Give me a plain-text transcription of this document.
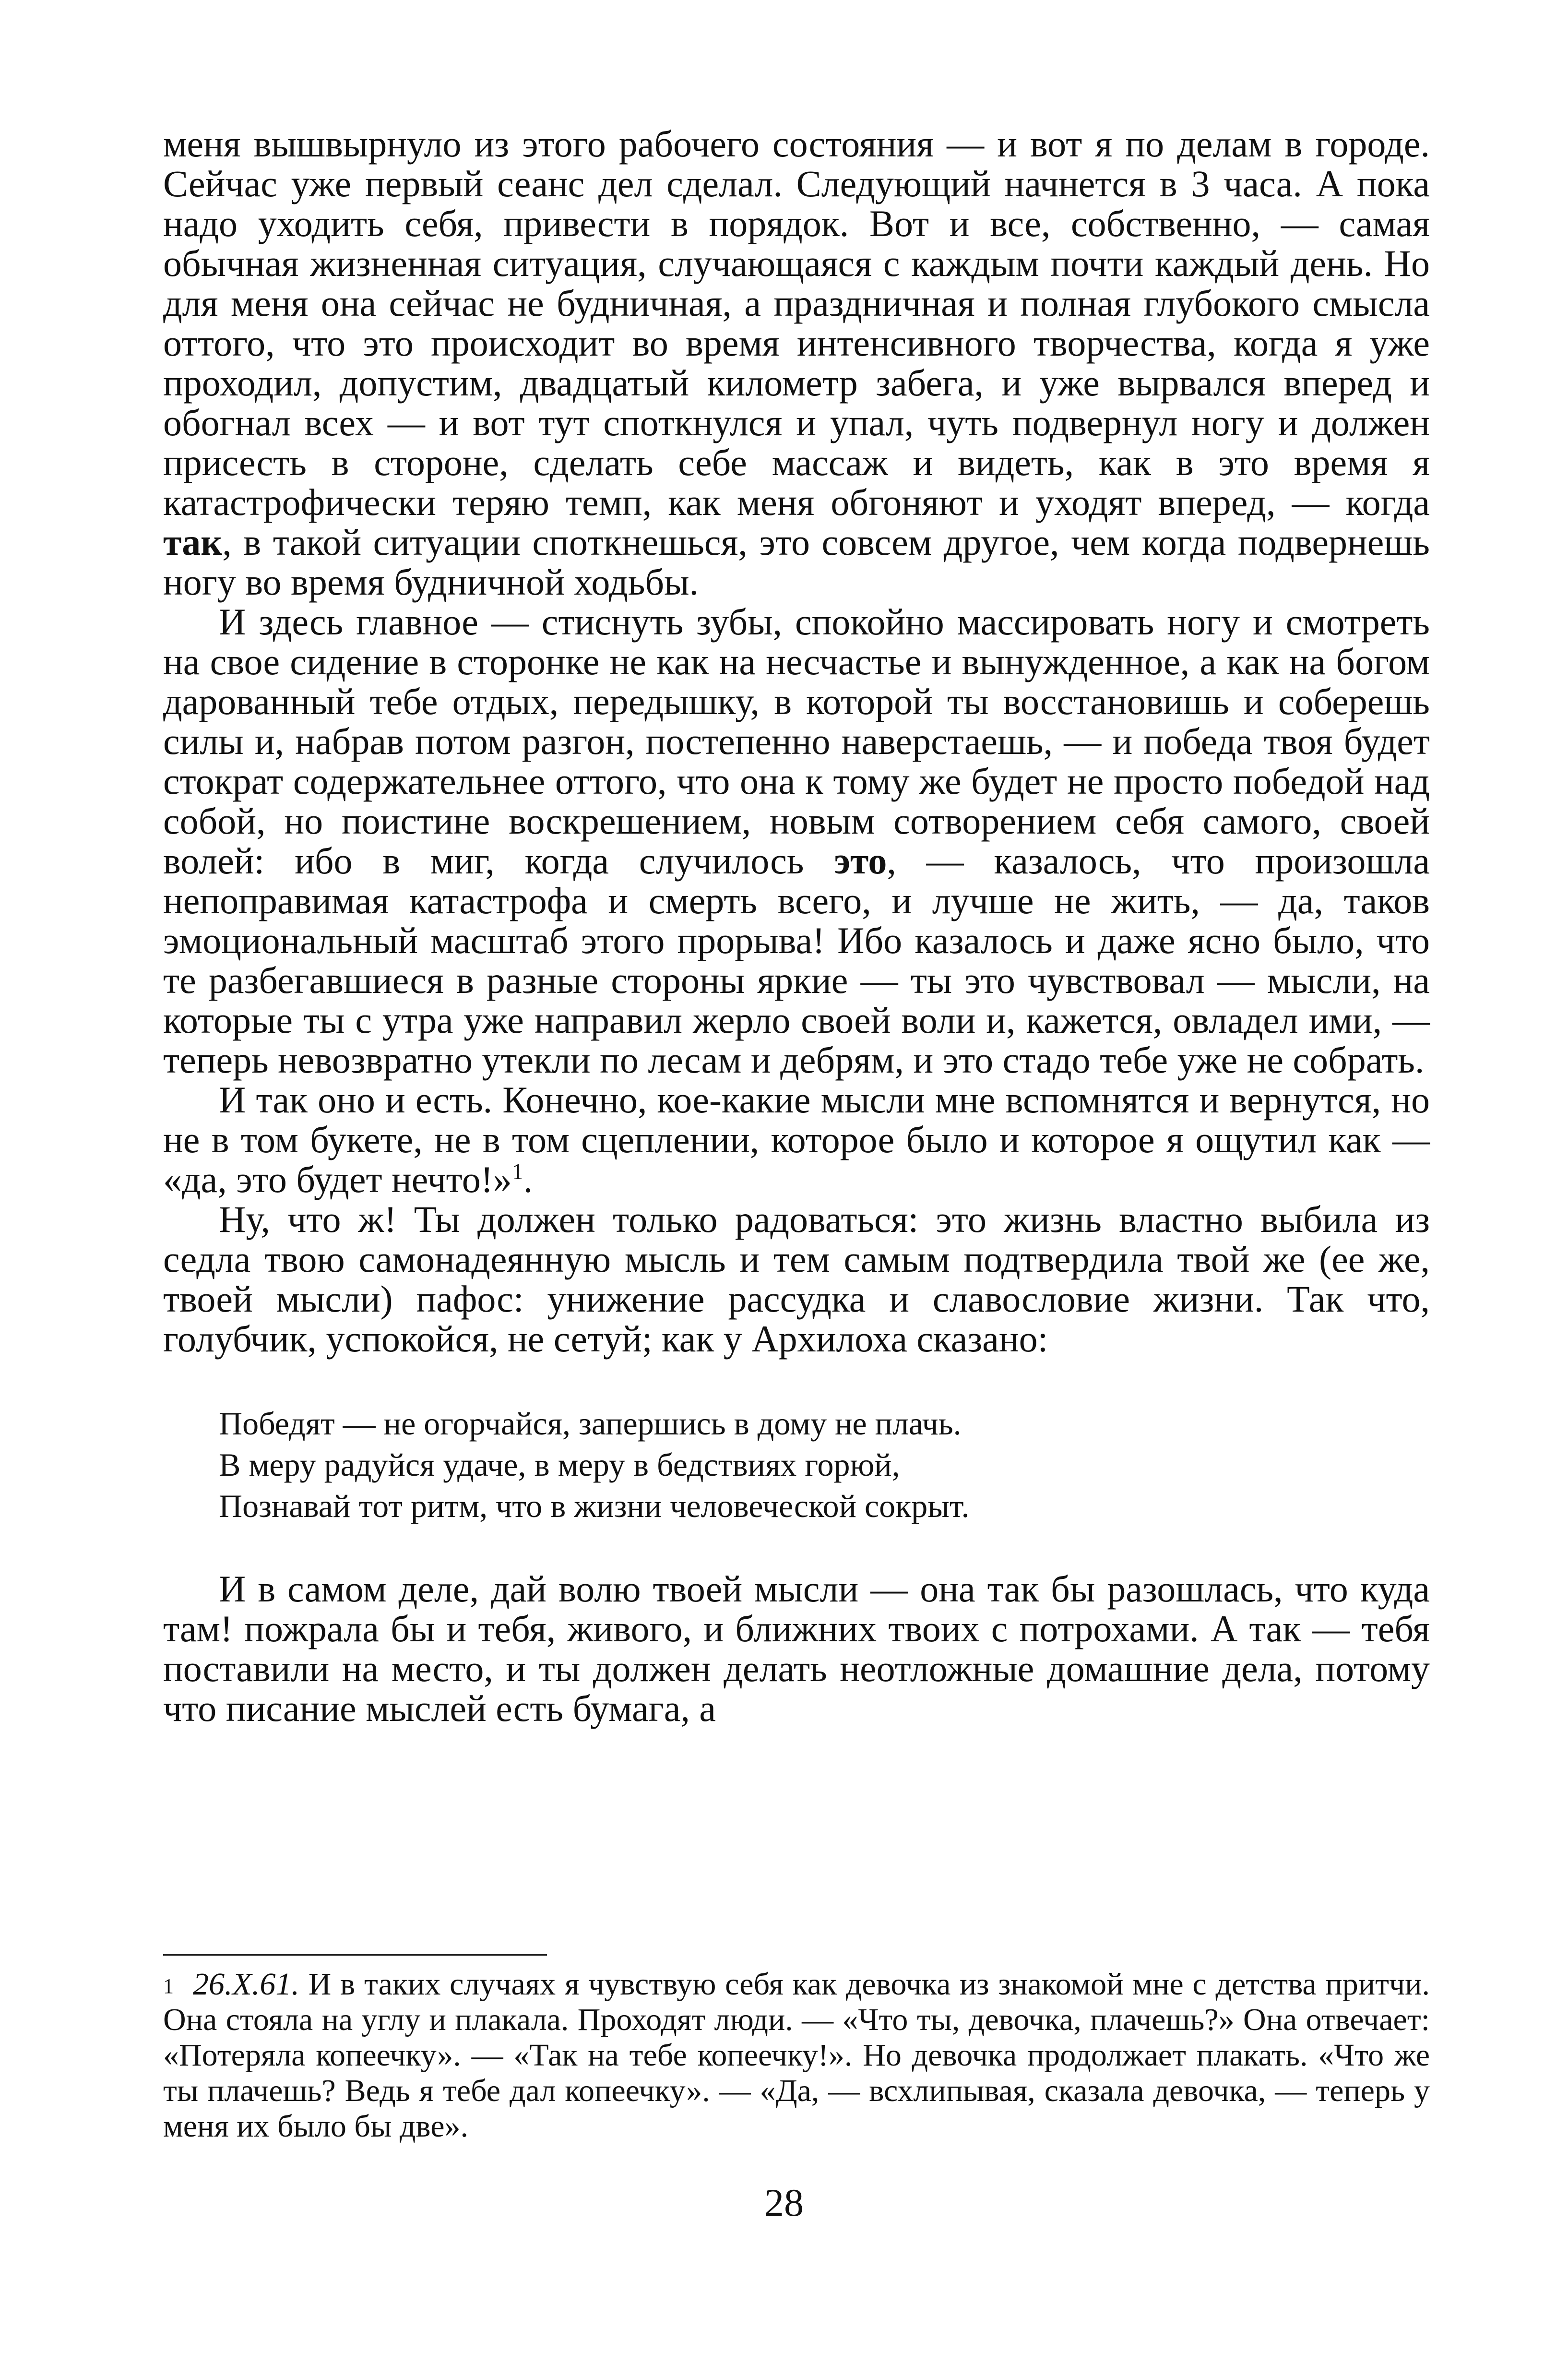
меня вышвырнуло из этого рабочего состояния — и вот я по делам в городе. Сейчас уже первый сеанс дел сделал. Следующий начнется в 3 часа. А пока надо уходить себя, привести в порядок. Вот и все, собственно, — самая обычная жизненная ситуация, случающаяся с каждым почти каждый день. Но для меня она сейчас не будничная, а праздничная и полная глубокого смысла оттого, что это происходит во время интенсивного творчества, когда я уже проходил, допустим, двадцатый километр забега, и уже вырвался вперед и обогнал всех — и вот тут споткнулся и упал, чуть подвернул ногу и должен присесть в стороне, сделать себе массаж и видеть, как в это время я катастрофически теряю темп, как меня обгоняют и уходят вперед, — когда так, в такой ситуации споткнешься, это совсем другое, чем когда подвернешь ногу во время будничной ходьбы.

И здесь главное — стиснуть зубы, спокойно массировать ногу и смотреть на свое сидение в сторонке не как на несчастье и вынужденное, а как на богом дарованный тебе отдых, передышку, в которой ты восстановишь и соберешь силы и, набрав потом разгон, постепенно наверстаешь, — и победа твоя будет стократ содержательнее оттого, что она к тому же будет не просто победой над собой, но поистине воскрешением, новым сотворением себя самого, своей волей: ибо в миг, когда случилось это, — казалось, что произошла непоправимая катастрофа и смерть всего, и лучше не жить, — да, таков эмоциональный масштаб этого прорыва! Ибо казалось и даже ясно было, что те разбегавшиеся в разные стороны яркие — ты это чувствовал — мысли, на которые ты с утра уже направил жерло своей воли и, кажется, овладел ими, — теперь невозвратно утекли по лесам и дебрям, и это стадо тебе уже не собрать.

И так оно и есть. Конечно, кое-какие мысли мне вспомнятся и вернутся, но не в том букете, не в том сцеплении, которое было и которое я ощутил как — «да, это будет нечто!»$^1$.

Ну, что ж! Ты должен только радоваться: это жизнь властно выбила из седла твою самонадеянную мысль и тем самым подтвердила твой же (ее же, твоей мысли) пафос: унижение рассудка и славословие жизни. Так что, голубчик, успокойся, не сетуй; как у Архилоха сказано:

Победят — не огорчайся, запершись в дому не плачь.
В меру радуйся удаче, в меру в бедствиях горюй,
Познавай тот ритм, что в жизни человеческой сокрыт.

И в самом деле, дай волю твоей мысли — она так бы разошлась, что куда там! пожрала бы и тебя, живого, и ближних твоих с потрохами. А так — тебя поставили на место, и ты должен делать неотложные домашние дела, потому что писание мыслей есть бумага, а

$^1$ 26.X.61. И в таких случаях я чувствую себя как девочка из знакомой мне с детства притчи. Она стояла на углу и плакала. Проходят люди. — «Что ты, девочка, плачешь?» Она отвечает: «Потеряла копеечку». — «Так на тебе копеечку!». Но девочка продолжает плакать. «Что же ты плачешь? Ведь я тебе дал копеечку». — «Да, — всхлипывая, сказала девочка, — теперь у меня их было бы две».
28
